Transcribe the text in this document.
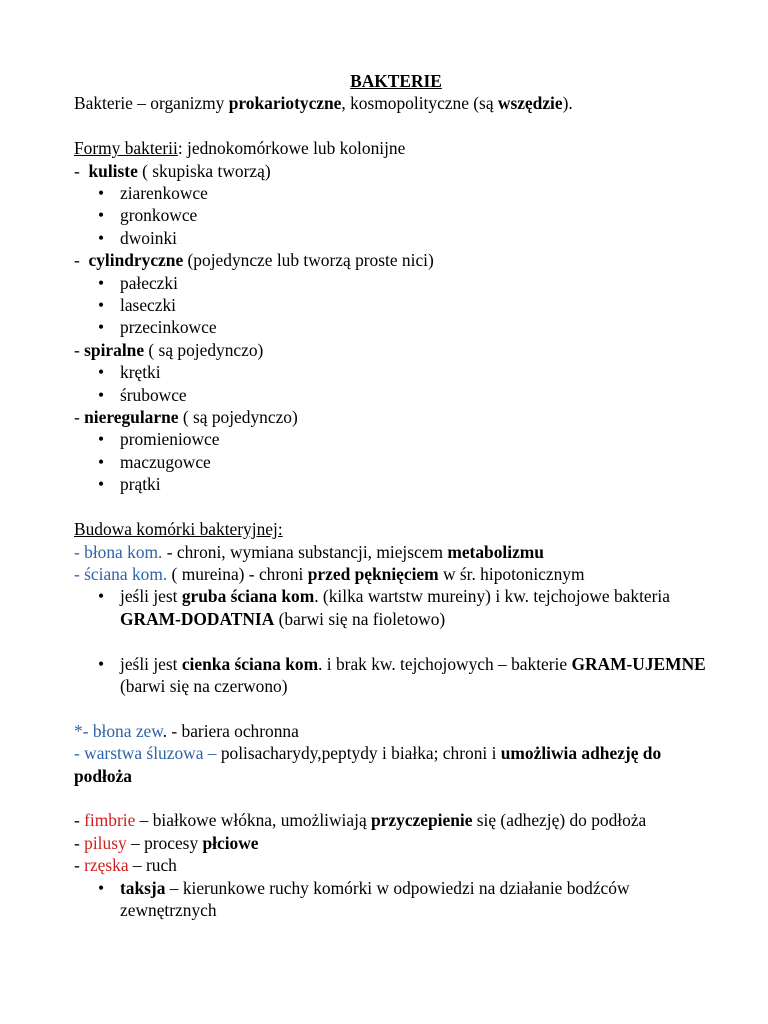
BAKTERIE
Bakterie – organizmy prokariotyczne, kosmopolityczne (są wszędzie).
Formy bakterii: jednokomórkowe lub kolonijne
-  kuliste ( skupiska tworzą)
• ziarenkowce
• gronkowce
• dwoinki
-  cylindryczne (pojedyncze lub tworzą proste nici)
• pałeczki
• laseczki
• przecinkowce
- spiralne ( są pojedynczo)
• krętki
• śrubowce
- nieregularne ( są pojedynczo)
• promieniowce
• maczugowce
• prątki
Budowa komórki bakteryjnej:
- błona kom. - chroni, wymiana substancji, miejscem metabolizmu
- ściana kom. ( mureina) - chroni przed pęknięciem w śr. hipotonicznym
• jeśli jest gruba ściana kom. (kilka wartstw mureiny) i kw. tejchojowe bakteria GRAM-DODATNIA (barwi się na fioletowo)
• jeśli jest cienka ściana kom. i brak kw. tejchojowych – bakterie GRAM-UJEMNE (barwi się na czerwono)
*- błona zew. - bariera ochronna
- warstwa śluzowa – polisacharydy,peptydy i białka; chroni i umożliwia adhezję do podłoża
- fimbrie – białkowe włókna, umożliwiają przyczepienie się (adhezję) do podłoża
- pilusy – procesy płciowe
- rzęska – ruch
• taksja – kierunkowe ruchy komórki w odpowiedzi na działanie bodźców zewnętrznych
